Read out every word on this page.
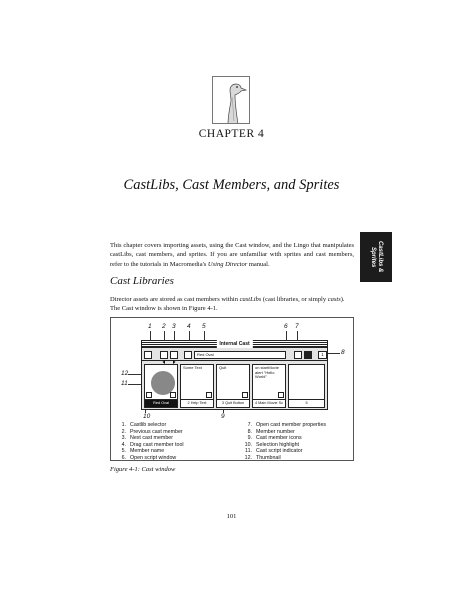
CHAPTER 4
CastLibs, Cast Members, and Sprites

This chapter covers importing assets, using the Cast window, and the Lingo that manipulates castLibs, cast members, and sprites. If you are unfamiliar with sprites and cast members, refer to the tutorials in Macromedia's Using Director manual.	CastLibs &
Sprites
Cast Libraries

Director assets are stored as cast members within castLibs (cast libraries, or simply casts). The Cast window is shown in Figure 4-1.

1 2 3 4 5	6 7
8
9
10
11
12
Internal Cast
Red Oval	1
Red Oval
Some Text
2 Help Text
Quit
3 Quit Button
on startMovie
alert "Hello
World"
4 Main Movie Sc	5
1. Castlib selector
2. Previous cast member
3. Next cast member
4. Drag cast member tool
5. Member name
6. Open script window
7. Open cast member properties
8. Member number
9. Cast member icons
10. Selection highlight
11. Cast script indicator
12. Thumbnail
Figure 4-1: Cast window
101
